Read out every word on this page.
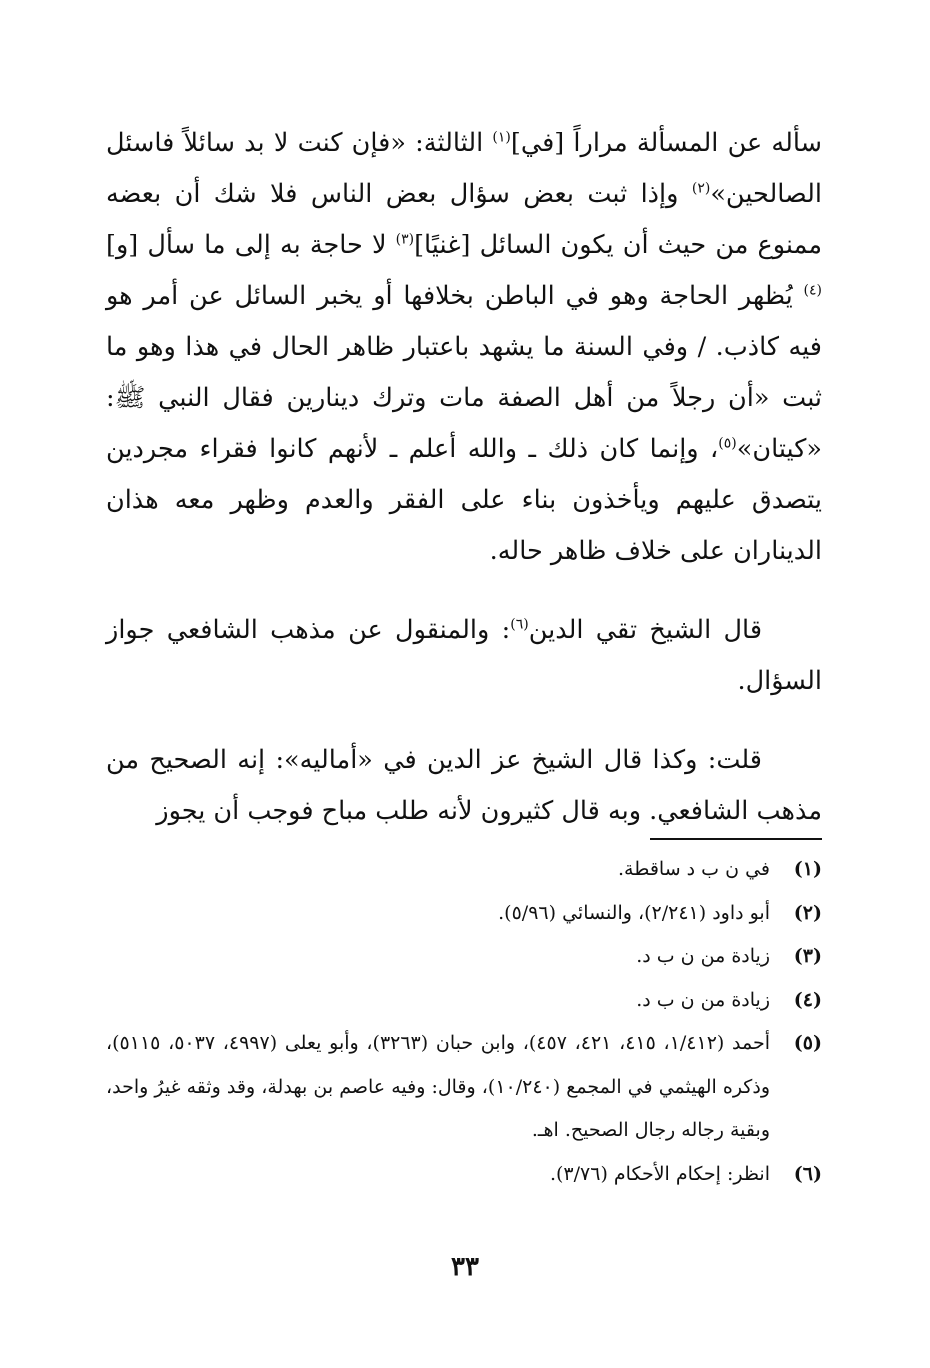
سأله عن المسألة مراراً [في]$^{(١)}$ الثالثة: «فإن كنت لا بد سائلاً فاسئل الصالحين»$^{(٢)}$ وإذا ثبت بعض سؤال بعض الناس فلا شك أن بعضه ممنوع من حيث أن يكون السائل [غنيًا]$^{(٣)}$ لا حاجة به إلى ما سأل [و]$^{(٤)}$ يُظهر الحاجة وهو في الباطن بخلافها أو يخبر السائل عن أمر هو فيه كاذب. / وفي السنة ما يشهد باعتبار ظاهر الحال في هذا وهو ما ثبت «أن رجلاً من أهل الصفة مات وترك دينارين فقال النبي ﷺ: «كيتان»$^{(٥)}$، وإنما كان ذلك ـ والله أعلم ـ لأنهم كانوا فقراء مجردين يتصدق عليهم ويأخذون بناء على الفقر والعدم وظهر معه هذان الديناران على خلاف ظاهر حاله.

قال الشيخ تقي الدين$^{(٦)}$: والمنقول عن مذهب الشافعي جواز السؤال.

قلت: وكذا قال الشيخ عز الدين في «أماليه»: إنه الصحيح من مذهب الشافعي. وبه قال كثيرون لأنه طلب مباح فوجب أن يجوز

(١)
في ن ب د ساقطة.
(٢)
أبو داود (٢/٢٤١)، والنسائي (٥/٩٦).
(٣)
زيادة من ن ب د.
(٤)
زيادة من ن ب د.
(٥)
أحمد (١/٤١٢، ٤١٥، ٤٢١، ٤٥٧)، وابن حبان (٣٢٦٣)، وأبو يعلى (٤٩٩٧، ٥٠٣٧، ٥١١٥)، وذكره الهيثمي في المجمع (١٠/٢٤٠)، وقال: وفيه عاصم بن بهدلة، وقد وثقه غيرُ واحد، وبقية رجاله رجال الصحيح. اهـ.
(٦)
انظر: إحكام الأحكام (٣/٧٦).
٣٣
